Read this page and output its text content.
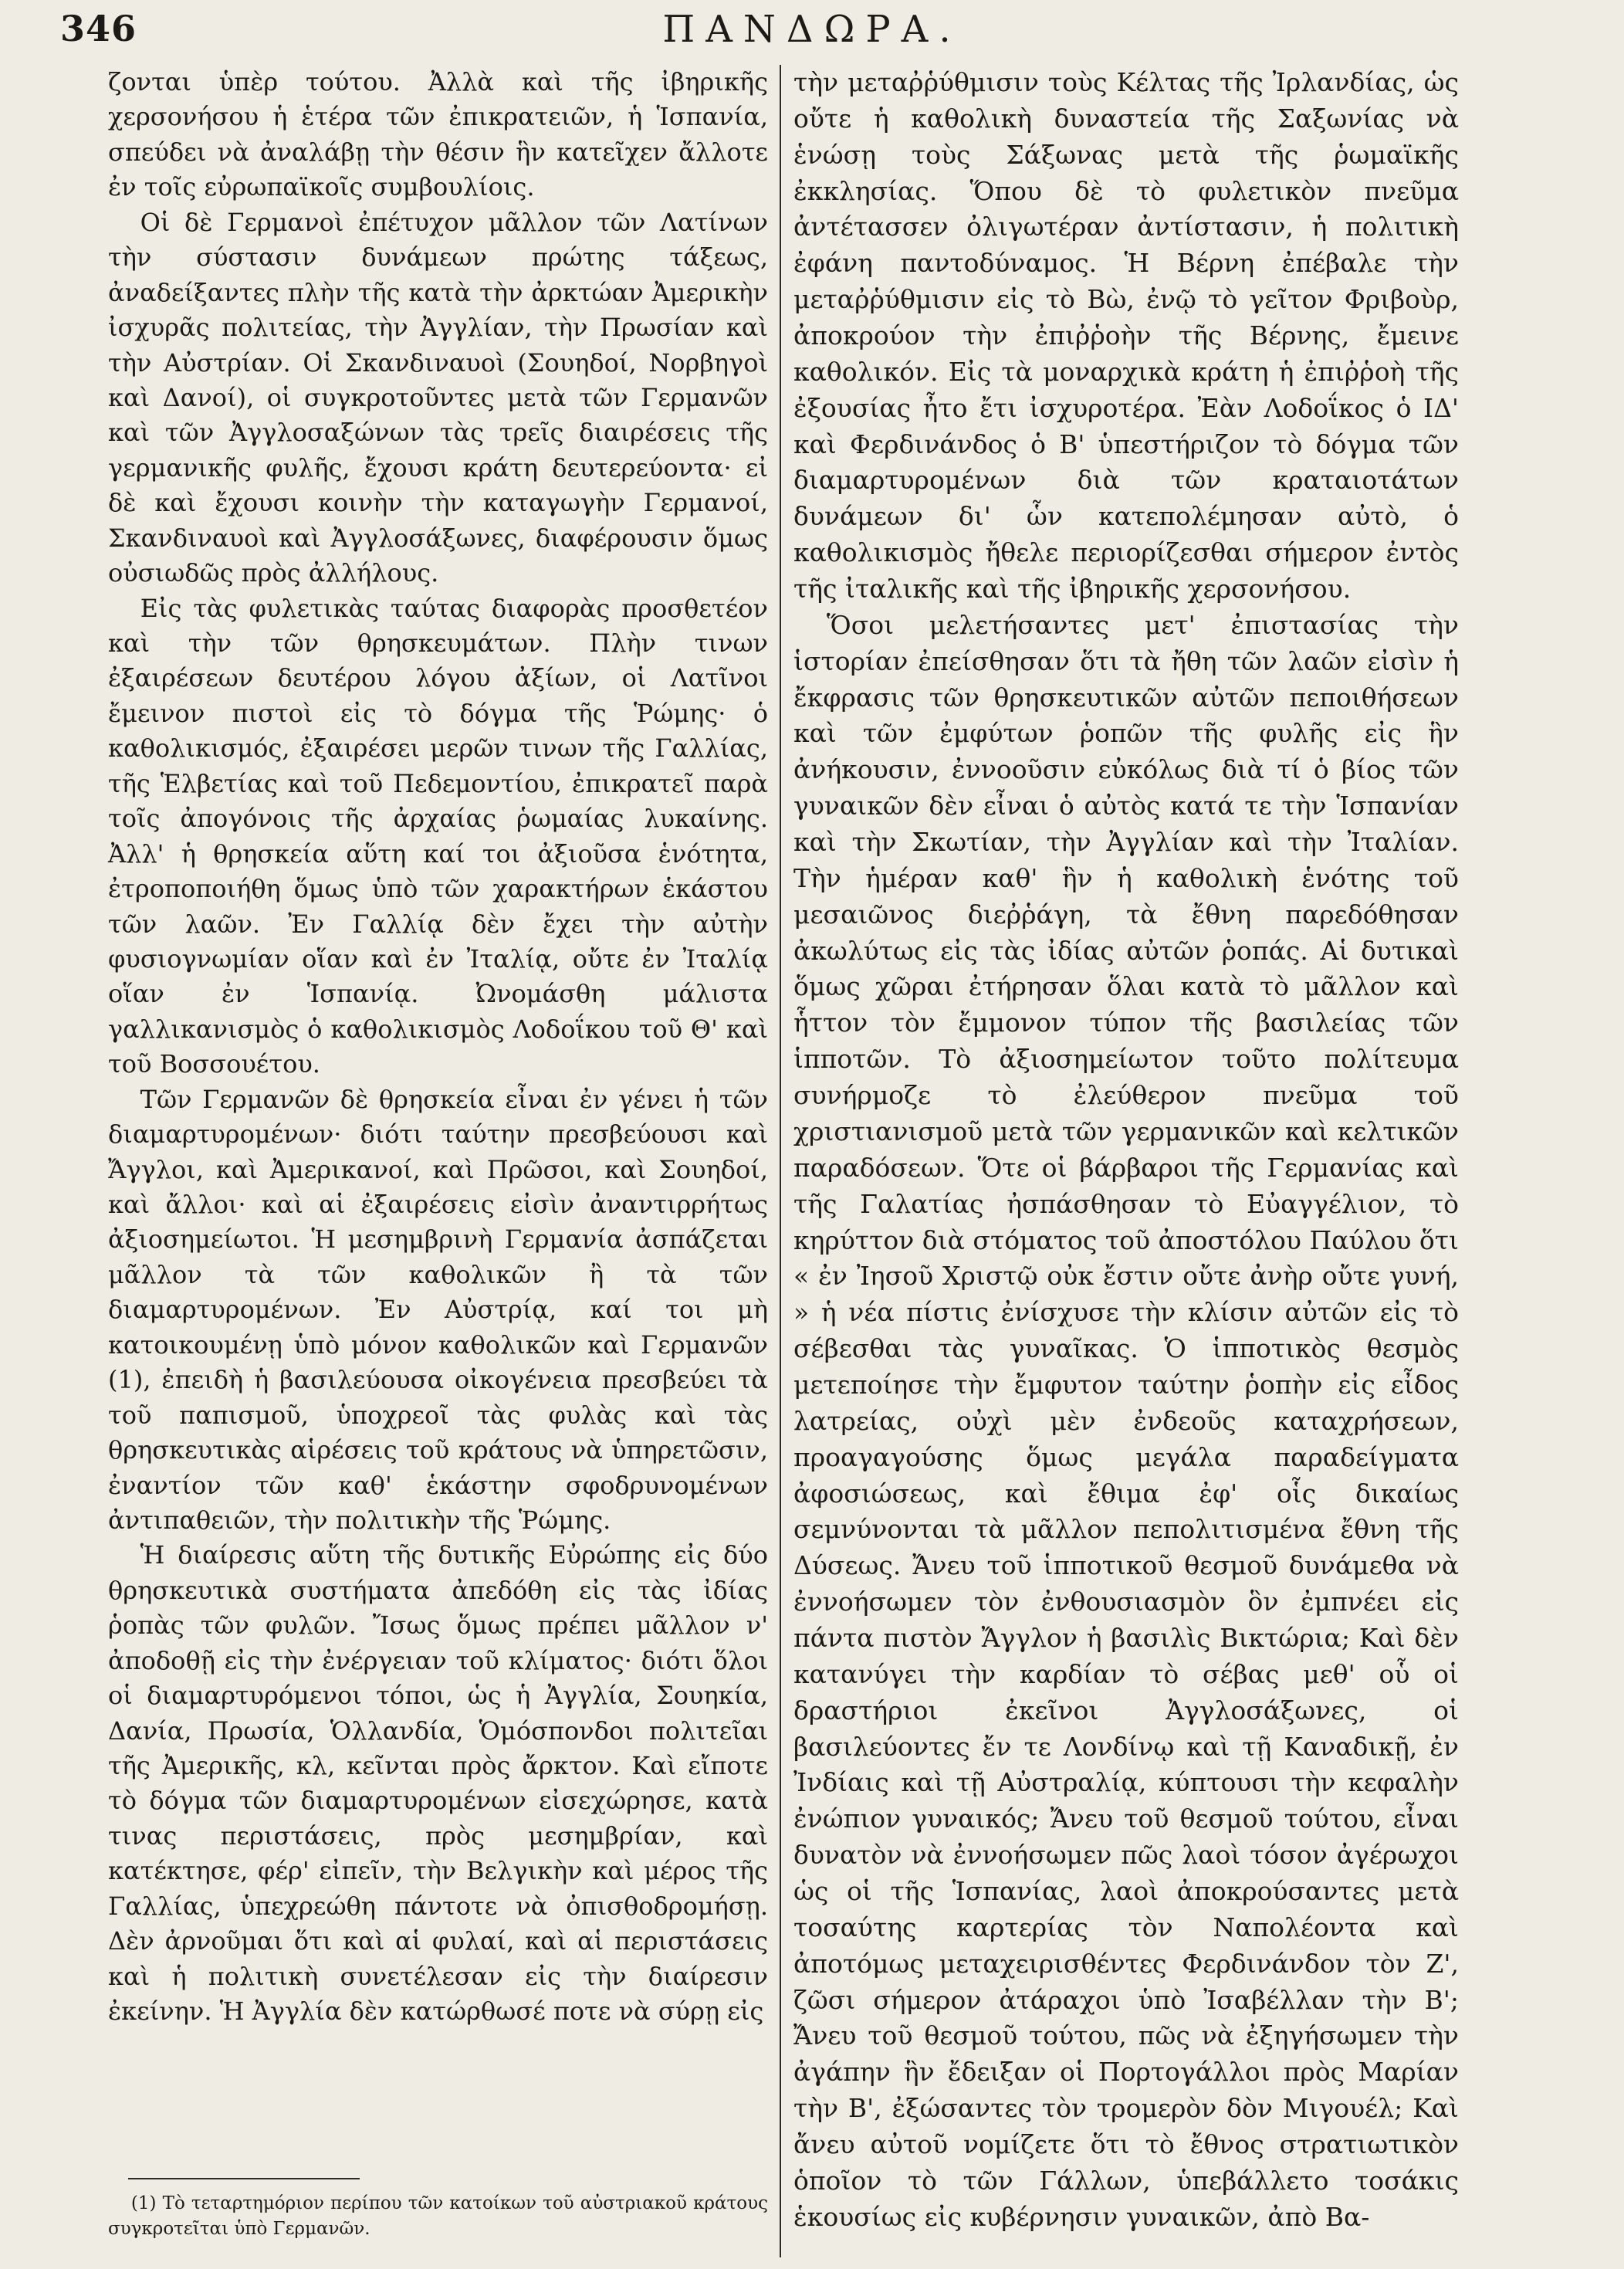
346	ΠΑΝΔΩΡΑ.

ζονται ὑπὲρ τούτου. Ἀλλὰ καὶ τῆς ἰβηρικῆς χερσονήσου ἡ ἑτέρα τῶν ἐπικρατειῶν, ἡ Ἱσπανία, σπεύδει νὰ ἀναλάβῃ τὴν θέσιν ἣν κατεῖχεν ἄλλοτε ἐν τοῖς εὐρωπαϊκοῖς συμβουλίοις.

Οἱ δὲ Γερμανοὶ ἐπέτυχον μᾶλλον τῶν Λατίνων τὴν σύστασιν δυνάμεων πρώτης τάξεως, ἀναδείξαντες πλὴν τῆς κατὰ τὴν ἀρκτώαν Ἀμερικὴν ἰσχυρᾶς πολιτείας, τὴν Ἀγγλίαν, τὴν Πρωσίαν καὶ τὴν Αὐστρίαν. Οἱ Σκανδιναυοὶ (Σουηδοί, Νορβηγοὶ καὶ Δανοί), οἱ συγκροτοῦντες μετὰ τῶν Γερμανῶν καὶ τῶν Ἀγγλοσαξώνων τὰς τρεῖς διαιρέσεις τῆς γερμανικῆς φυλῆς, ἔχουσι κράτη δευτερεύοντα· εἰ δὲ καὶ ἔχουσι κοινὴν τὴν καταγωγὴν Γερμανοί, Σκανδιναυοὶ καὶ Ἀγγλοσάξωνες, διαφέρουσιν ὅμως οὐσιωδῶς πρὸς ἀλλήλους.

Εἰς τὰς φυλετικὰς ταύτας διαφορὰς προσθετέον καὶ τὴν τῶν θρησκευμάτων. Πλὴν τινων ἐξαιρέσεων δευτέρου λόγου ἀξίων, οἱ Λατῖνοι ἔμεινον πιστοὶ εἰς τὸ δόγμα τῆς Ῥώμης· ὁ καθολικισμός, ἐξαιρέσει μερῶν τινων τῆς Γαλλίας, τῆς Ἑλβετίας καὶ τοῦ Πεδεμοντίου, ἐπικρατεῖ παρὰ τοῖς ἀπογόνοις τῆς ἀρχαίας ῥωμαίας λυκαίνης. Ἀλλ' ἡ θρησκεία αὕτη καί τοι ἀξιοῦσα ἑνότητα, ἐτροποποιήθη ὅμως ὑπὸ τῶν χαρακτήρων ἑκάστου τῶν λαῶν. Ἐν Γαλλίᾳ δὲν ἔχει τὴν αὐτὴν φυσιογνωμίαν οἵαν καὶ ἐν Ἰταλίᾳ, οὔτε ἐν Ἰταλίᾳ οἵαν ἐν Ἱσπανίᾳ. Ὠνομάσθη μάλιστα γαλλικανισμὸς ὁ καθολικισμὸς Λοδοΐκου τοῦ Θ' καὶ τοῦ Βοσσουέτου.

Τῶν Γερμανῶν δὲ θρησκεία εἶναι ἐν γένει ἡ τῶν διαμαρτυρομένων· διότι ταύτην πρεσβεύουσι καὶ Ἄγγλοι, καὶ Ἀμερικανοί, καὶ Πρῶσοι, καὶ Σουηδοί, καὶ ἄλλοι· καὶ αἱ ἐξαιρέσεις εἰσὶν ἀναντιρρήτως ἀξιοσημείωτοι. Ἡ μεσημβρινὴ Γερμανία ἀσπάζεται μᾶλλον τὰ τῶν καθολικῶν ἢ τὰ τῶν διαμαρτυρομένων. Ἐν Αὐστρίᾳ, καί τοι μὴ κατοικουμένῃ ὑπὸ μόνον καθολικῶν καὶ Γερμανῶν (1), ἐπειδὴ ἡ βασιλεύουσα οἰκογένεια πρεσβεύει τὰ τοῦ παπισμοῦ, ὑποχρεοῖ τὰς φυλὰς καὶ τὰς θρησκευτικὰς αἱρέσεις τοῦ κράτους νὰ ὑπηρετῶσιν, ἐναντίον τῶν καθ' ἑκάστην σφοδρυνομένων ἀντιπαθειῶν, τὴν πολιτικὴν τῆς Ῥώμης.

Ἡ διαίρεσις αὕτη τῆς δυτικῆς Εὐρώπης εἰς δύο θρησκευτικὰ συστήματα ἀπεδόθη εἰς τὰς ἰδίας ῥοπὰς τῶν φυλῶν. Ἴσως ὅμως πρέπει μᾶλλον ν' ἀποδοθῇ εἰς τὴν ἐνέργειαν τοῦ κλίματος· διότι ὅλοι οἱ διαμαρτυρόμενοι τόποι, ὡς ἡ Ἀγγλία, Σουηκία, Δανία, Πρωσία, Ὁλλανδία, Ὁμόσπονδοι πολιτεῖαι τῆς Ἀμερικῆς, κλ, κεῖνται πρὸς ἄρκτον. Καὶ εἴποτε τὸ δόγμα τῶν διαμαρτυρομένων εἰσεχώρησε, κατὰ τινας περιστάσεις, πρὸς μεσημβρίαν, καὶ κατέκτησε, φέρ' εἰπεῖν, τὴν Βελγικὴν καὶ μέρος τῆς Γαλλίας, ὑπεχρεώθη πάντοτε νὰ ὀπισθοδρομήσῃ. Δὲν ἀρνοῦμαι ὅτι καὶ αἱ φυλαί, καὶ αἱ περιστάσεις καὶ ἡ πολιτικὴ συνετέλεσαν εἰς τὴν διαίρεσιν ἐκείνην. Ἡ Ἀγγλία δὲν κατώρθωσέ ποτε νὰ σύρῃ εἰς

τὴν μεταῤῥύθμισιν τοὺς Κέλτας τῆς Ἰρλανδίας, ὡς οὔτε ἡ καθολικὴ δυναστεία τῆς Σαξωνίας νὰ ἑνώσῃ τοὺς Σάξωνας μετὰ τῆς ῥωμαϊκῆς ἐκκλησίας. Ὅπου δὲ τὸ φυλετικὸν πνεῦμα ἀντέτασσεν ὀλιγωτέραν ἀντίστασιν, ἡ πολιτικὴ ἐφάνη παντοδύναμος. Ἡ Βέρνη ἐπέβαλε τὴν μεταῤῥύθμισιν εἰς τὸ Βὼ, ἐνῷ τὸ γεῖτον Φριβοὺρ, ἀποκρούον τὴν ἐπιῤῥοὴν τῆς Βέρνης, ἔμεινε καθολικόν. Εἰς τὰ μοναρχικὰ κράτη ἡ ἐπιῤῥοὴ τῆς ἐξουσίας ἦτο ἔτι ἰσχυροτέρα. Ἐὰν Λοδοΐκος ὁ ΙΔ' καὶ Φερδινάνδος ὁ Β' ὑπεστήριζον τὸ δόγμα τῶν διαμαρτυρομένων διὰ τῶν κραταιοτάτων δυνάμεων δι' ὧν κατεπολέμησαν αὐτὸ, ὁ καθολικισμὸς ἤθελε περιορίζεσθαι σήμερον ἐντὸς τῆς ἰταλικῆς καὶ τῆς ἰβηρικῆς χερσονήσου.

Ὅσοι μελετήσαντες μετ' ἐπιστασίας τὴν ἱστορίαν ἐπείσθησαν ὅτι τὰ ἤθη τῶν λαῶν εἰσὶν ἡ ἔκφρασις τῶν θρησκευτικῶν αὐτῶν πεποιθήσεων καὶ τῶν ἐμφύτων ῥοπῶν τῆς φυλῆς εἰς ἣν ἀνήκουσιν, ἐννοοῦσιν εὐκόλως διὰ τί ὁ βίος τῶν γυναικῶν δὲν εἶναι ὁ αὐτὸς κατά τε τὴν Ἱσπανίαν καὶ τὴν Σκωτίαν, τὴν Ἀγγλίαν καὶ τὴν Ἰταλίαν. Τὴν ἡμέραν καθ' ἣν ἡ καθολικὴ ἑνότης τοῦ μεσαιῶνος διεῤῥάγη, τὰ ἔθνη παρεδόθησαν ἀκωλύτως εἰς τὰς ἰδίας αὐτῶν ῥοπάς. Αἱ δυτικαὶ ὅμως χῶραι ἐτήρησαν ὅλαι κατὰ τὸ μᾶλλον καὶ ἧττον τὸν ἔμμονον τύπον τῆς βασιλείας τῶν ἱπποτῶν. Τὸ ἀξιοσημείωτον τοῦτο πολίτευμα συνήρμοζε τὸ ἐλεύθερον πνεῦμα τοῦ χριστιανισμοῦ μετὰ τῶν γερμανικῶν καὶ κελτικῶν παραδόσεων. Ὅτε οἱ βάρβαροι τῆς Γερμανίας καὶ τῆς Γαλατίας ἠσπάσθησαν τὸ Εὐαγγέλιον, τὸ κηρύττον διὰ στόματος τοῦ ἀποστόλου Παύλου ὅτι « ἐν Ἰησοῦ Χριστῷ οὐκ ἔστιν οὔτε ἀνὴρ οὔτε γυνή, » ἡ νέα πίστις ἐνίσχυσε τὴν κλίσιν αὐτῶν εἰς τὸ σέβεσθαι τὰς γυναῖκας. Ὁ ἱπποτικὸς θεσμὸς μετεποίησε τὴν ἔμφυτον ταύτην ῥοπὴν εἰς εἶδος λατρείας, οὐχὶ μὲν ἐνδεοῦς καταχρήσεων, προαγαγούσης ὅμως μεγάλα παραδείγματα ἀφοσιώσεως, καὶ ἔθιμα ἐφ' οἷς δικαίως σεμνύνονται τὰ μᾶλλον πεπολιτισμένα ἔθνη τῆς Δύσεως. Ἄνευ τοῦ ἱπποτικοῦ θεσμοῦ δυνάμεθα νὰ ἐννοήσωμεν τὸν ἐνθουσιασμὸν ὃν ἐμπνέει εἰς πάντα πιστὸν Ἄγγλον ἡ βασιλὶς Βικτώρια; Καὶ δὲν κατανύγει τὴν καρδίαν τὸ σέβας μεθ' οὗ οἱ δραστήριοι ἐκεῖνοι Ἀγγλοσάξωνες, οἱ βασιλεύοντες ἔν τε Λονδίνῳ καὶ τῇ Καναδικῇ, ἐν Ἰνδίαις καὶ τῇ Αὐστραλίᾳ, κύπτουσι τὴν κεφαλὴν ἐνώπιον γυναικός; Ἄνευ τοῦ θεσμοῦ τούτου, εἶναι δυνατὸν νὰ ἐννοήσωμεν πῶς λαοὶ τόσον ἀγέρωχοι ὡς οἱ τῆς Ἱσπανίας, λαοὶ ἀποκρούσαντες μετὰ τοσαύτης καρτερίας τὸν Ναπολέοντα καὶ ἀποτόμως μεταχειρισθέντες Φερδινάνδον τὸν Ζ', ζῶσι σήμερον ἀτάραχοι ὑπὸ Ἰσαβέλλαν τὴν Β'; Ἄνευ τοῦ θεσμοῦ τούτου, πῶς νὰ ἐξηγήσωμεν τὴν ἀγάπην ἣν ἔδειξαν οἱ Πορτογάλλοι πρὸς Μαρίαν τὴν Β', ἐξώσαντες τὸν τρομερὸν δὸν Μιγουέλ; Καὶ ἄνευ αὐτοῦ νομίζετε ὅτι τὸ ἔθνος στρατιωτικὸν ὁποῖον τὸ τῶν Γάλλων, ὑπεβάλλετο τοσάκις ἑκουσίως εἰς κυβέρνησιν γυναικῶν, ἀπὸ Βα-

(1) Τὸ τεταρτημόριον περίπου τῶν κατοίκων τοῦ αὐστριακοῦ κράτους συγκροτεῖται ὑπὸ Γερμανῶν.
